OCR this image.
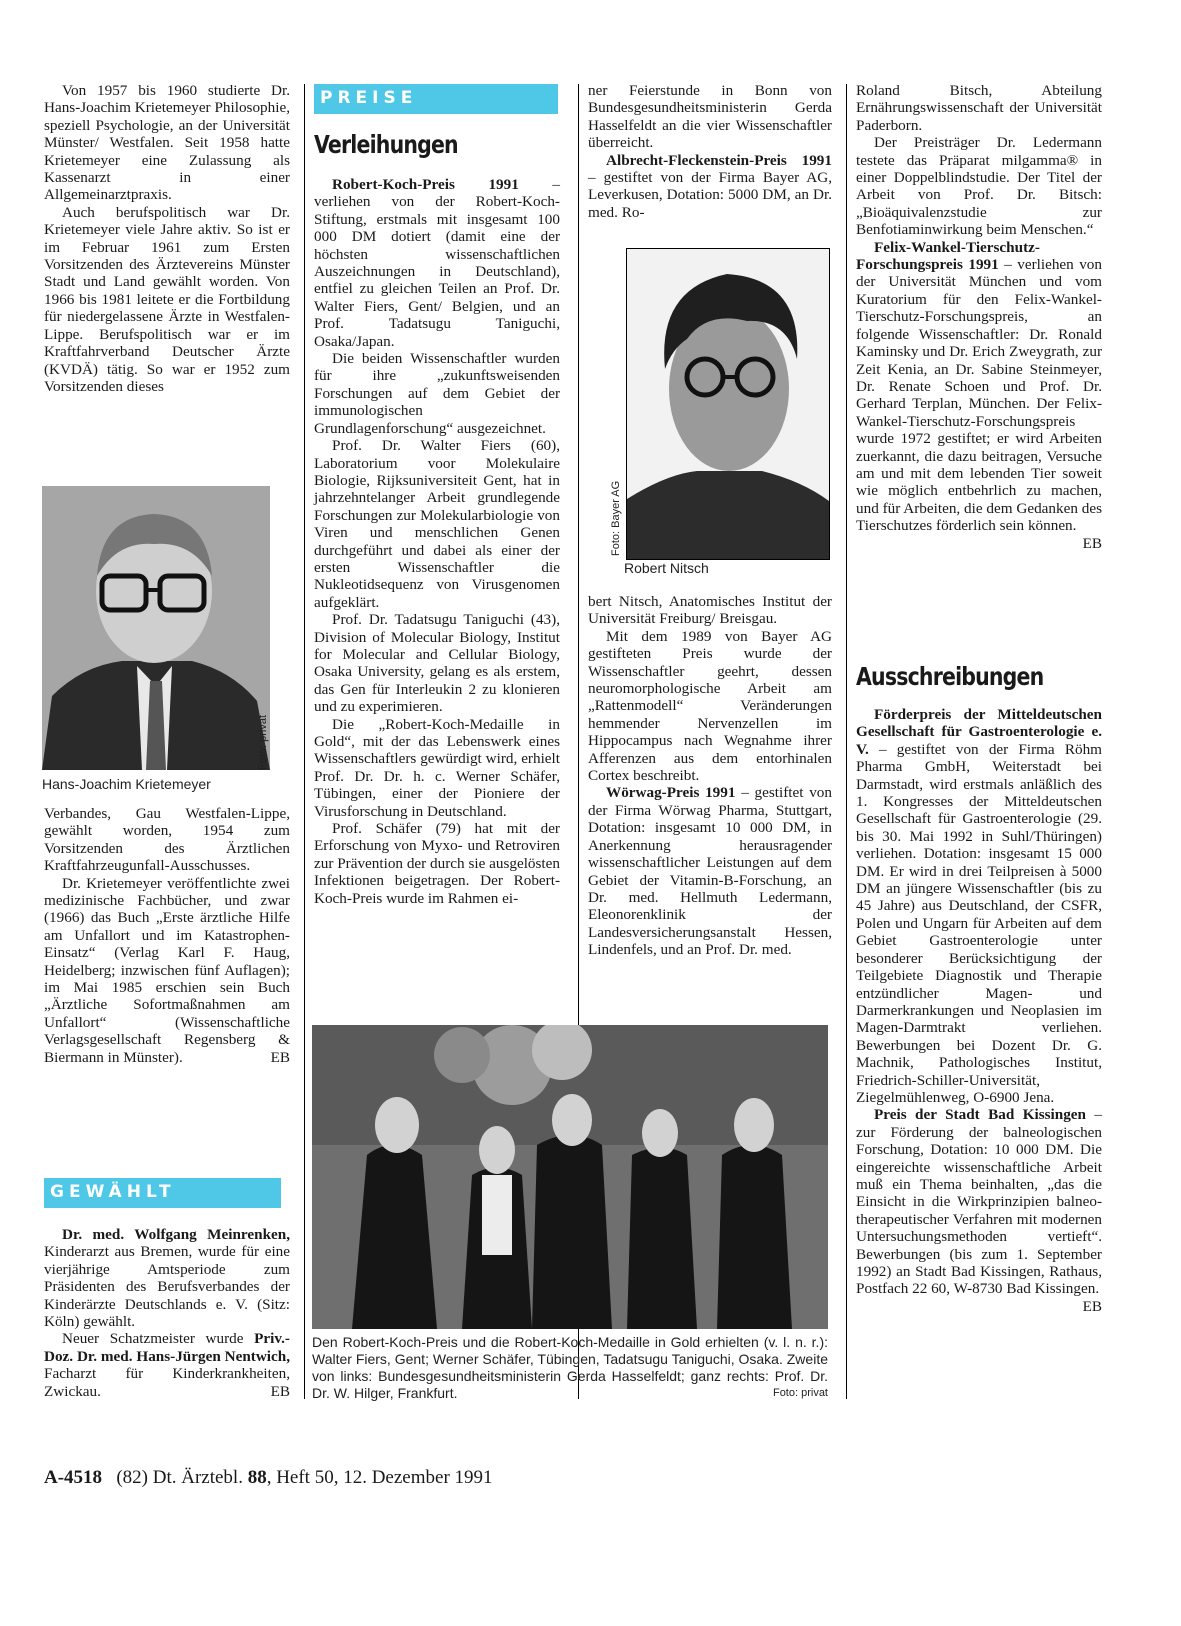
Von 1957 bis 1960 studierte Dr. Hans-Joachim Krietemeyer Philosophie, speziell Psychologie, an der Universität Münster/ Westfalen. Seit 1958 hatte Krietemeyer eine Zulassung als Kassenarzt in einer Allgemeinarztpraxis.

Auch berufspolitisch war Dr. Krietemeyer viele Jahre aktiv. So ist er im Februar 1961 zum Ersten Vorsitzenden des Ärztevereins Münster Stadt und Land gewählt worden. Von 1966 bis 1981 leitete er die Fortbildung für niedergelassene Ärzte in Westfalen-Lippe. Berufspolitisch war er im Kraftfahrverband Deutscher Ärzte (KVDÄ) tätig. So war er 1952 zum Vorsitzenden dieses

Foto: privat
Hans-Joachim Krietemeyer

Verbandes, Gau Westfalen-Lippe, gewählt worden, 1954 zum Vorsitzenden des Ärztlichen Kraftfahrzeugunfall-Ausschusses.

Dr. Krietemeyer veröffentlichte zwei medizinische Fachbücher, und zwar (1966) das Buch „Erste ärztliche Hilfe am Unfallort und im Katastrophen-Einsatz“ (Verlag Karl F. Haug, Heidelberg; inzwischen fünf Auflagen); im Mai 1985 erschien sein Buch „Ärztliche Sofortmaßnahmen am Unfallort“ (Wissenschaftliche Verlagsgesellschaft Regensberg & Biermann in Münster).	EB

GEWÄHLT

Dr. med. Wolfgang Meinrenken, Kinderarzt aus Bremen, wurde für eine vierjährige Amtsperiode zum Präsidenten des Berufsverbandes der Kinderärzte Deutschlands e. V. (Sitz: Köln) gewählt.

Neuer Schatzmeister wurde Priv.-Doz. Dr. med. Hans-Jürgen Nentwich, Facharzt für Kinderkrankheiten, Zwickau.	EB

PREISE
Verleihungen

Robert-Koch-Preis 1991 – verliehen von der Robert-Koch-Stiftung, erstmals mit insgesamt 100 000 DM dotiert (damit eine der höchsten wissenschaftlichen Auszeichnungen in Deutschland), entfiel zu gleichen Teilen an Prof. Dr. Walter Fiers, Gent/ Belgien, und an Prof. Tadatsugu Taniguchi, Osaka/Japan.

Die beiden Wissenschaftler wurden für ihre „zukunftsweisenden Forschungen auf dem Gebiet der immunologischen Grundlagenforschung“ ausgezeichnet.

Prof. Dr. Walter Fiers (60), Laboratorium voor Molekulaire Biologie, Rijksuniversiteit Gent, hat in jahrzehntelanger Arbeit grundlegende Forschungen zur Molekularbiologie von Viren und menschlichen Genen durchgeführt und dabei als einer der ersten Wissenschaftler die Nukleotidsequenz von Virusgenomen aufgeklärt.

Prof. Dr. Tadatsugu Taniguchi (43), Division of Molecular Biology, Institut for Molecular and Cellular Biology, Osaka University, gelang es als erstem, das Gen für Interleukin 2 zu klonieren und zu experimieren.

Die „Robert-Koch-Medaille in Gold“, mit der das Lebenswerk eines Wissenschaftlers gewürdigt wird, erhielt Prof. Dr. Dr. h. c. Werner Schäfer, Tübingen, einer der Pioniere der Virusforschung in Deutschland.

Prof. Schäfer (79) hat mit der Erforschung von Myxo- und Retroviren zur Prävention der durch sie ausgelösten Infektionen beigetragen. Der Robert-Koch-Preis wurde im Rahmen ei-

ner Feierstunde in Bonn von Bundesgesundheitsministerin Gerda Hasselfeldt an die vier Wissenschaftler überreicht.

Albrecht-Fleckenstein-Preis 1991 – gestiftet von der Firma Bayer AG, Leverkusen, Dotation: 5000 DM, an Dr. med. Ro-

Foto: Bayer AG
Robert Nitsch

bert Nitsch, Anatomisches Institut der Universität Freiburg/ Breisgau.

Mit dem 1989 von Bayer AG gestifteten Preis wurde der Wissenschaftler geehrt, dessen neuromorphologische Arbeit am „Rattenmodell“ Veränderungen hemmender Nervenzellen im Hippocampus nach Wegnahme ihrer Afferenzen aus dem entorhinalen Cortex beschreibt.

Wörwag-Preis 1991 – gestiftet von der Firma Wörwag Pharma, Stuttgart, Dotation: insgesamt 10 000 DM, in Anerkennung herausragender wissenschaftlicher Leistungen auf dem Gebiet der Vitamin-B-Forschung, an Dr. med. Hellmuth Ledermann, Eleonorenklinik der Landesversicherungsanstalt Hessen, Lindenfels, und an Prof. Dr. med.

Den Robert-Koch-Preis und die Robert-Koch-Medaille in Gold erhielten (v. l. n. r.): Walter Fiers, Gent; Werner Schäfer, Tübingen, Tadatsugu Taniguchi, Osaka. Zweite von links: Bundesgesundheitsministerin Gerda Hasselfeldt; ganz rechts: Prof. Dr. Dr. W. Hilger, Frankfurt.	Foto: privat

Roland Bitsch, Abteilung Ernährungswissenschaft der Universität Paderborn.

Der Preisträger Dr. Ledermann testete das Präparat milgamma® in einer Doppelblindstudie. Der Titel der Arbeit von Prof. Dr. Bitsch: „Bioäquivalenzstudie zur Benfotiaminwirkung beim Menschen.“

Felix-Wankel-Tierschutz-Forschungspreis 1991 – verliehen von der Universität München und vom Kuratorium für den Felix-Wankel-Tierschutz-Forschungspreis, an folgende Wissenschaftler: Dr. Ronald Kaminsky und Dr. Erich Zweygrath, zur Zeit Kenia, an Dr. Sabine Steinmeyer, Dr. Renate Schoen und Prof. Dr. Gerhard Terplan, München. Der Felix-Wankel-Tierschutz-Forschungspreis wurde 1972 gestiftet; er wird Arbeiten zuerkannt, die dazu beitragen, Versuche am und mit dem lebenden Tier soweit wie möglich entbehrlich zu machen, und für Arbeiten, die dem Gedanken des Tierschutzes förderlich sein können.
EB

Ausschreibungen

Förderpreis der Mitteldeutschen Gesellschaft für Gastroenterologie e. V. – gestiftet von der Firma Röhm Pharma GmbH, Weiterstadt bei Darmstadt, wird erstmals anläßlich des 1. Kongresses der Mitteldeutschen Gesellschaft für Gastroenterologie (29. bis 30. Mai 1992 in Suhl/Thüringen) verliehen. Dotation: insgesamt 15 000 DM. Er wird in drei Teilpreisen à 5000 DM an jüngere Wissenschaftler (bis zu 45 Jahre) aus Deutschland, der CSFR, Polen und Ungarn für Arbeiten auf dem Gebiet Gastroenterologie unter besonderer Berücksichtigung der Teilgebiete Diagnostik und Therapie entzündlicher Magen- und Darmerkrankungen und Neoplasien im Magen-Darmtrakt verliehen. Bewerbungen bei Dozent Dr. G. Machnik, Pathologisches Institut, Friedrich-Schiller-Universität, Ziegelmühlenweg, O-6900 Jena.

Preis der Stadt Bad Kissingen – zur Förderung der balneologischen Forschung, Dotation: 10 000 DM. Die eingereichte wissenschaftliche Arbeit muß ein Thema beinhalten, „das die Einsicht in die Wirkprinzipien balneo-therapeutischer Verfahren mit modernen Untersuchungsmethoden vertieft“. Bewerbungen (bis zum 1. September 1992) an Stadt Bad Kissingen, Rathaus, Postfach 22 60, W-8730 Bad Kissingen.
EB

A-4518 (82) Dt. Ärztebl. 88, Heft 50, 12. Dezember 1991
